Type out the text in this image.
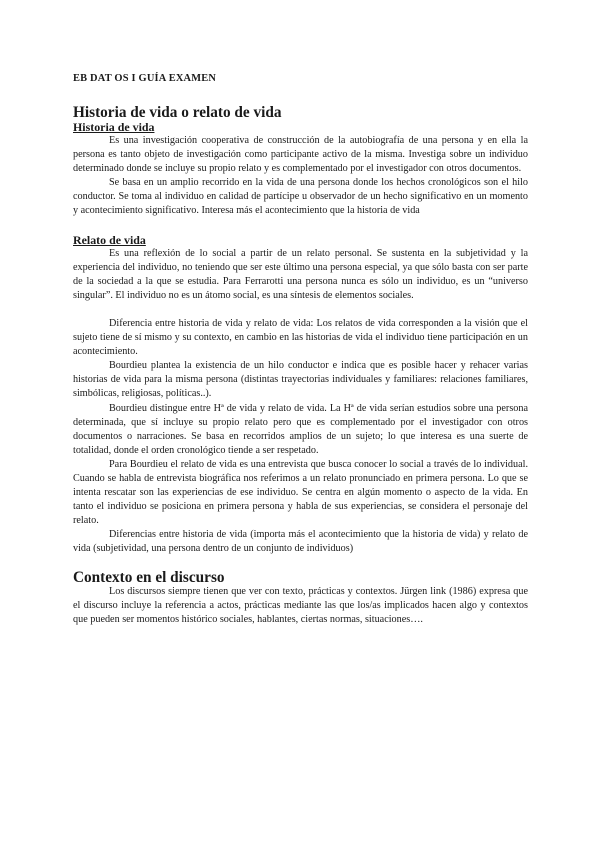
EB DAT OS I GUÍA EXAMEN
Historia de vida o relato de vida
Historia de vida

Es una investigación cooperativa de construcción de la autobiografía de una persona y en ella la persona es tanto objeto de investigación como participante activo de la misma. Investiga sobre un individuo determinado donde se incluye su propio relato y es complementado por el investigador con otros documentos.

Se basa en un amplio recorrido en la vida de una persona donde los hechos cronológicos son el hilo conductor. Se toma al individuo en calidad de partícipe u observador de un hecho significativo en un momento y acontecimiento significativo. Interesa más el acontecimiento que la historia de vida

Relato de vida

Es una reflexión de lo social a partir de un relato personal. Se sustenta en la subjetividad y la experiencia del individuo, no teniendo que ser este último una persona especial, ya que sólo basta con ser parte de la sociedad a la que se estudia. Para Ferrarotti una persona nunca es sólo un individuo, es un “universo singular”. El individuo no es un átomo social, es una síntesis de elementos sociales.

Diferencia entre historia de vida y relato de vida: Los relatos de vida corresponden a la visión que el sujeto tiene de sí mismo y su contexto, en cambio en las historias de vida el individuo tiene participación en un acontecimiento.

Bourdieu plantea la existencia de un hilo conductor e indica que es posible hacer y rehacer varias historias de vida para la misma persona (distintas trayectorias individuales y familiares: relaciones familiares, simbólicas, religiosas, políticas..).

Bourdieu distingue entre Hª de vida y relato de vida. La Hª de vida serían estudios sobre una persona determinada, que sí incluye su propio relato pero que es complementado por el investigador con otros documentos o narraciones. Se basa en recorridos amplios de un sujeto; lo que interesa es una suerte de totalidad, donde el orden cronológico tiende a ser respetado.

Para Bourdieu el relato de vida es una entrevista que busca conocer lo social a través de lo individual. Cuando se habla de entrevista biográfica nos referimos a un relato pronunciado en primera persona. Lo que se intenta rescatar son las experiencias de ese individuo. Se centra en algún momento o aspecto de la vida. En tanto el individuo se posiciona en primera persona y habla de sus experiencias, se considera el personaje del relato.

Diferencias entre historia de vida (importa más el acontecimiento que la historia de vida) y relato de vida (subjetividad, una persona dentro de un conjunto de individuos)

Contexto en el discurso

Los discursos siempre tienen que ver con texto, prácticas y contextos. Jürgen link (1986) expresa que el discurso incluye la referencia a actos, prácticas mediante las que los/as implicados hacen algo y contextos que pueden ser momentos histórico sociales, hablantes, ciertas normas, situaciones….
